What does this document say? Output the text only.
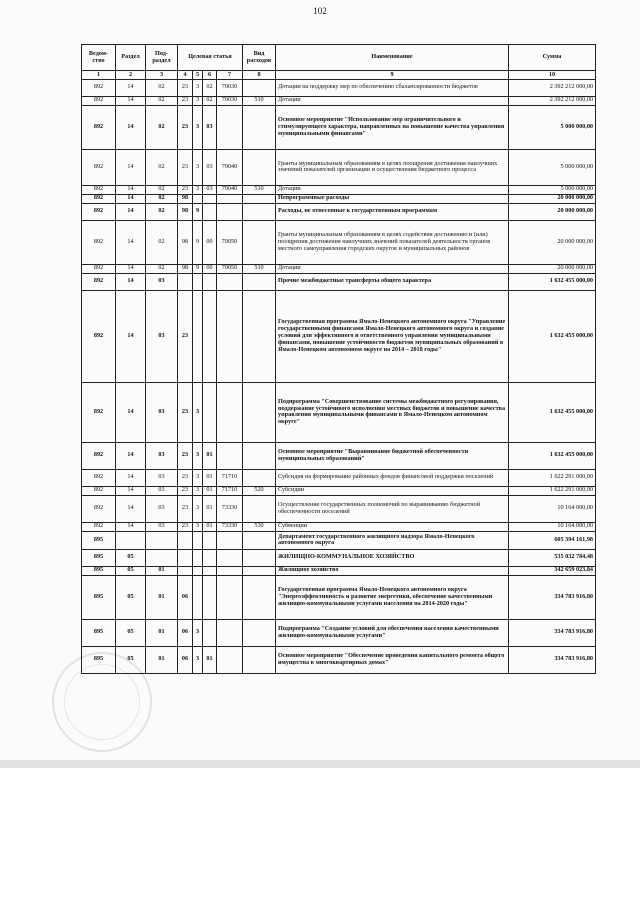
102
Ведом-ство	Раздел	Под-раздел	Целевая статья				Вид расходов	Наименование	Сумма
1	2	3	4	5	6	7	8	9	10
892	14	02	23	3	02	70030		Дотации на поддержку мер по обеспечению сбалансированности бюджетов	2 392 212 000,00
892	14	02	23	3	02	70030	510	Дотации	2 392 212 000,00
892	14	02	23	3	03			Основное мероприятие "Использование мер ограничительного и стимулирующего характера, направленных на повышение качества управления муниципальными финансами"	5 000 000,00
892	14	02	23	3	03	70040		Гранты муниципальным образованиям в целях поощрения достижения наилучших значений показателей организации и осуществления бюджетного процесса	5 000 000,00
892	14	02	23	3	03	70040	510	Дотации	5 000 000,00
892	14	02	98					Непрограммные расходы	20 000 000,00
892	14	02	98	9				Расходы, не отнесенные к государственным программам	20 000 000,00
892	14	02	98	9	00	70050		Гранты муниципальным образованиям в целях содействия достижению и (или) поощрения достижения наилучших значений показателей деятельности органов местного самоуправления городских округов и муниципальных районов	20 000 000,00
892	14	02	98	9	00	70050	510	Дотации	20 000 000,00
892	14	03						Прочие межбюджетные трансферты общего характера	1 632 455 000,00
892	14	03	23					Государственная программа Ямало-Ненецкого автономного округа "Управление государственными финансами Ямало-Ненецкого автономного округа и создание условий для эффективного и ответственного управления муниципальными финансами, повышение устойчивости бюджетов муниципальных образований в Ямало-Ненецком автономном округе на 2014 – 2018 годы"	1 632 455 000,00
892	14	03	23	3				Подпрограмма "Совершенствование системы межбюджетного регулирования, поддержание устойчивого исполнения местных бюджетов и повышение качества управления муниципальными финансами в Ямало-Ненецком автономном округе"	1 632 455 000,00
892	14	03	23	3	01			Основное мероприятие "Выравнивание бюджетной обеспеченности муниципальных образований"	1 632 455 000,00
892	14	03	23	3	01	71710		Субсидия на формирование районных фондов финансовой поддержки поселений	1 622 291 000,00
892	14	03	23	3	01	71710	520	Субсидии	1 622 291 000,00
892	14	03	23	3	01	73330		Осуществление государственных полномочий по выравниванию бюджетной обеспеченности поселений	10 164 000,00
892	14	03	23	3	01	73330	530	Субвенции	10 164 000,00
895								Департамент государственного жилищного надзора Ямало-Ненецкого автономного округа	605 394 161,98
895	05							ЖИЛИЩНО-КОММУНАЛЬНОЕ ХОЗЯЙСТВО	535 032 784,48
895	05	01						Жилищное хозяйство	342 659 023,84
895	05	01	06					Государственная программа Ямало-Ненецкого автономного округа "Энергоэффективность и развитие энергетики, обеспечение качественными жилищно-коммунальными услугами населения на 2014-2020 годы"	334 783 916,80
895	05	01	06	3				Подпрограмма "Создание условий для обеспечения населения качественными жилищно-коммунальными услугами"	334 783 916,80
895	05	01	06	3	01			Основное мероприятие "Обеспечение проведения капитального ремонта общего имущества в многоквартирных домах"	334 783 916,80
